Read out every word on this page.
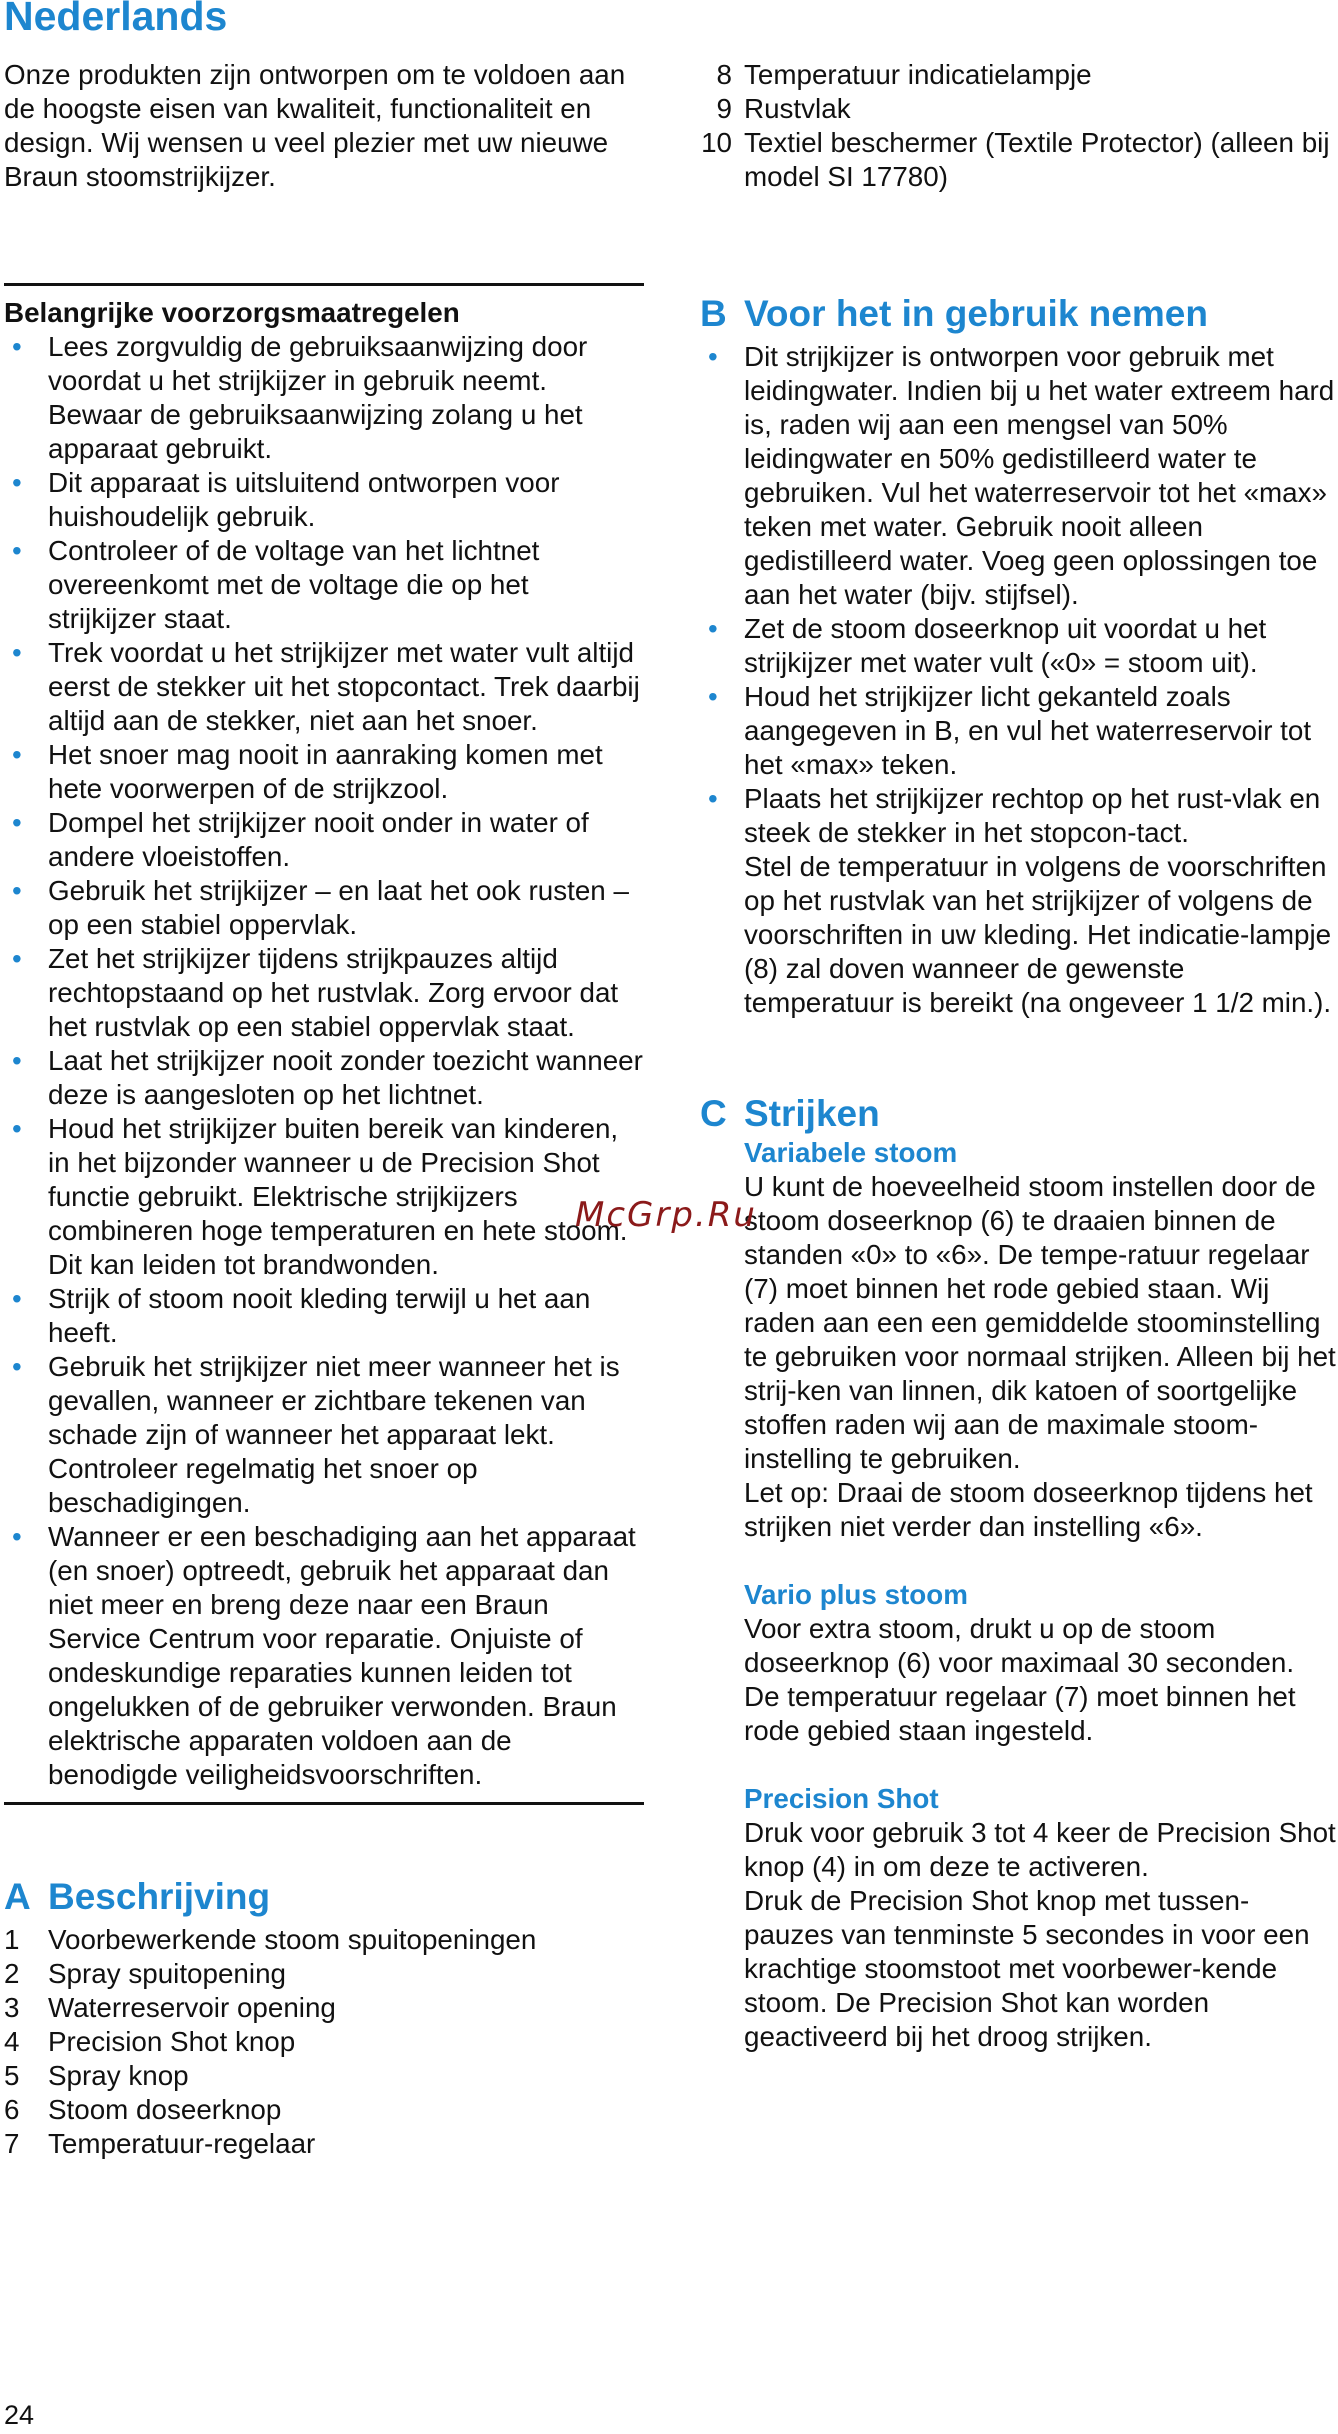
Nederlands

Onze produkten zijn ontworpen om te voldoen aan de hoogste eisen van kwaliteit, functionaliteit en design. Wij wensen u veel plezier met uw nieuwe Braun stoomstrijkijzer.

Belangrijke voorzorgsmaatregelen
• Lees zorgvuldig de gebruiksaanwijzing door voordat u het strijkijzer in gebruik neemt. Bewaar de gebruiksaanwijzing zolang u het apparaat gebruikt.
• Dit apparaat is uitsluitend ontworpen voor huishoudelijk gebruik.
• Controleer of de voltage van het lichtnet overeenkomt met de voltage die op het strijkijzer staat.
• Trek voordat u het strijkijzer met water vult altijd eerst de stekker uit het stopcontact. Trek daarbij altijd aan de stekker, niet aan het snoer.
• Het snoer mag nooit in aanraking komen met hete voorwerpen of de strijkzool.
• Dompel het strijkijzer nooit onder in water of andere vloeistoffen.
• Gebruik het strijkijzer – en laat het ook rusten – op een stabiel oppervlak.
• Zet het strijkijzer tijdens strijkpauzes altijd rechtopstaand op het rustvlak. Zorg ervoor dat het rustvlak op een stabiel oppervlak staat.
• Laat het strijkijzer nooit zonder toezicht wanneer deze is aangesloten op het lichtnet.
• Houd het strijkijzer buiten bereik van kinderen, in het bijzonder wanneer u de Precision Shot functie gebruikt. Elektrische strijkijzers combineren hoge temperaturen en hete stoom. Dit kan leiden tot brandwonden.
• Strijk of stoom nooit kleding terwijl u het aan heeft.
• Gebruik het strijkijzer niet meer wanneer het is gevallen, wanneer er zichtbare tekenen van schade zijn of wanneer het apparaat lekt. Controleer regelmatig het snoer op beschadigingen.
• Wanneer er een beschadiging aan het apparaat (en snoer) optreedt, gebruik het apparaat dan niet meer en breng deze naar een Braun Service Centrum voor reparatie. Onjuiste of ondeskundige reparaties kunnen leiden tot ongelukken of de gebruiker verwonden. Braun elektrische apparaten voldoen aan de benodigde veiligheidsvoorschriften.
A Beschrijving
1	Voorbewerkende stoom spuitopeningen
2	Spray spuitopening
3	Waterreservoir opening
4	Precision Shot knop
5	Spray knop
6	Stoom doseerknop
7	Temperatuur-regelaar
8 Temperatuur indicatielampje
9 Rustvlak
10 Textiel beschermer (Textile Protector) (alleen bij model SI 17780)
B Voor het in gebruik nemen
• Dit strijkijzer is ontworpen voor gebruik met leidingwater. Indien bij u het water extreem hard is, raden wij aan een mengsel van 50% leidingwater en 50% gedistilleerd water te gebruiken. Vul het waterreservoir tot het «max» teken met water. Gebruik nooit alleen gedistilleerd water. Voeg geen oplossingen toe aan het water (bijv. stijfsel).
• Zet de stoom doseerknop uit voordat u het strijkijzer met water vult («0» = stoom uit).
• Houd het strijkijzer licht gekanteld zoals aangegeven in B, en vul het waterreservoir tot het «max» teken.
• Plaats het strijkijzer rechtop op het rust-vlak en steek de stekker in het stopcon-tact.

Stel de temperatuur in volgens de voorschriften op het rustvlak van het strijkijzer of volgens de voorschriften in uw kleding. Het indicatie-lampje (8) zal doven wanneer de gewenste temperatuur is bereikt (na ongeveer 1 1/2 min.).

C Strijken

Variabele stoom

U kunt de hoeveelheid stoom instellen door de stoom doseerknop (6) te draaien binnen de standen «0» to «6». De tempe-ratuur regelaar (7) moet binnen het rode gebied staan. Wij raden aan een een gemiddelde stoominstelling te gebruiken voor normaal strijken. Alleen bij het strij-ken van linnen, dik katoen of soortgelijke stoffen raden wij aan de maximale stoom-instelling te gebruiken.

Let op: Draai de stoom doseerknop tijdens het strijken niet verder dan instelling «6».

Vario plus stoom

Voor extra stoom, drukt u op de stoom doseerknop (6) voor maximaal 30 seconden.

De temperatuur regelaar (7) moet binnen het rode gebied staan ingesteld.

Precision Shot

Druk voor gebruik 3 tot 4 keer de Precision Shot knop (4) in om deze te activeren.

Druk de Precision Shot knop met tussen-pauzes van tenminste 5 secondes in voor een krachtige stoomstoot met voorbewer-kende stoom. De Precision Shot kan worden geactiveerd bij het droog strijken.

McGrp.Ru
24
